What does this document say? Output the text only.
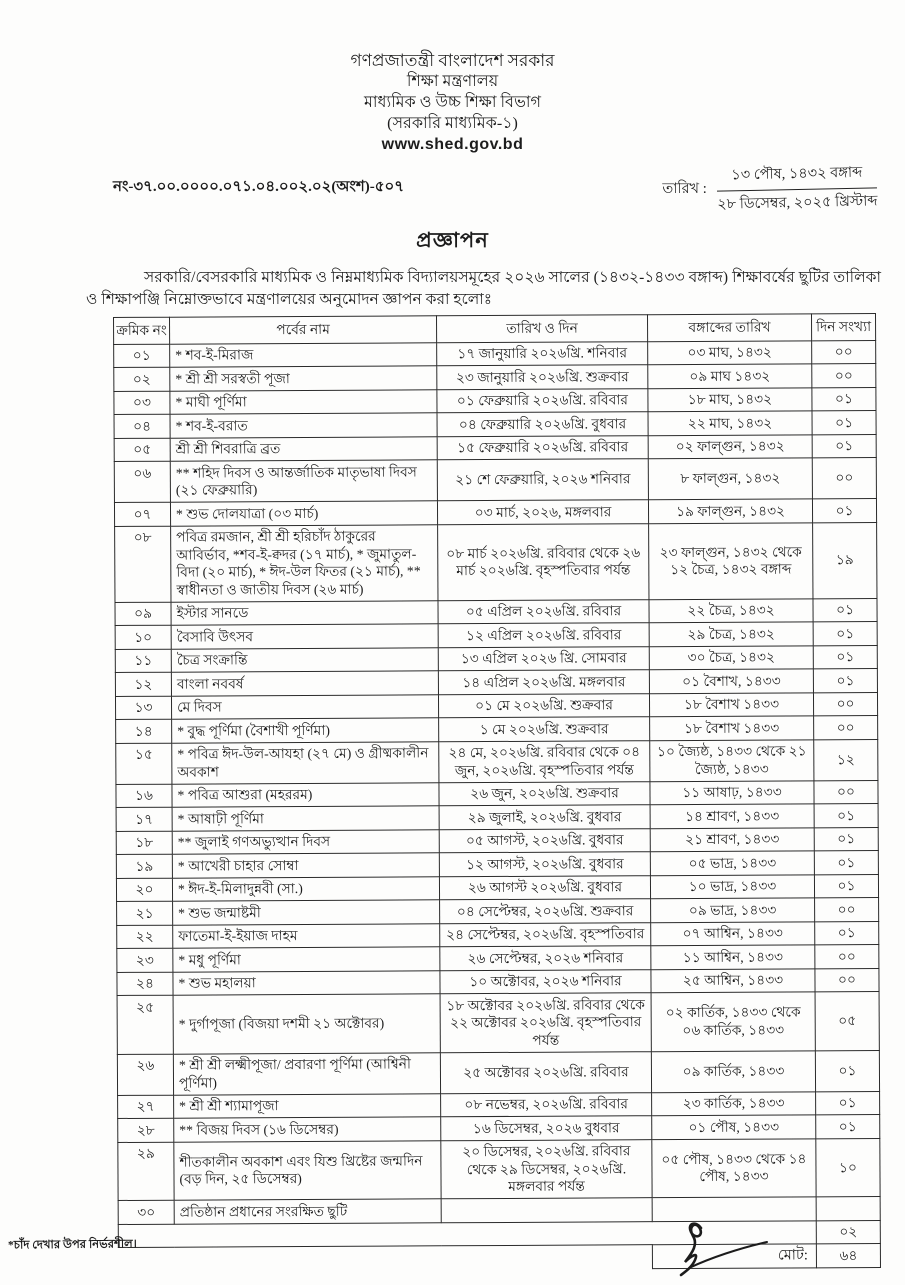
গণপ্রজাতন্ত্রী বাংলাদেশ সরকার
শিক্ষা মন্ত্রণালয়
মাধ্যমিক ও উচ্চ শিক্ষা বিভাগ
(সরকারি মাধ্যমিক-১)
www.shed.gov.bd
নং-৩৭.০০.০০০০.০৭১.০৪.০০২.০২(অংশ)-৫০৭	তারিখ :
১৩ পৌষ, ১৪৩২ বঙ্গাব্দ
২৮ ডিসেম্বর, ২০২৫ খ্রিস্টাব্দ
প্রজ্ঞাপন

সরকারি/বেসরকারি মাধ্যমিক ও নিম্নমাধ্যমিক বিদ্যালয়সমূহের ২০২৬ সালের (১৪৩২-১৪৩৩ বঙ্গাব্দ) শিক্ষাবর্ষের ছুটির তালিকা ও শিক্ষাপঞ্জি নিম্নোক্তভাবে মন্ত্রণালয়ের অনুমোদন জ্ঞাপন করা হলোঃ

ক্রমিক নং	পর্বের নাম	তারিখ ও দিন	বঙ্গাব্দের তারিখ	দিন সংখ্যা
০১	* শব-ই-মিরাজ	১৭ জানুয়ারি ২০২৬খ্রি. শনিবার	০৩ মাঘ, ১৪৩২	০০
০২	* শ্রী শ্রী সরস্বতী পূজা	২৩ জানুয়ারি ২০২৬খ্রি. শুক্রবার	০৯ মাঘ ১৪৩২	০০
০৩	* মাঘী পূর্ণিমা	০১ ফেব্রুয়ারি ২০২৬খ্রি. রবিবার	১৮ মাঘ, ১৪৩২	০১
০৪	* শব-ই-বরাত	০৪ ফেব্রুয়ারি ২০২৬খ্রি. বুধবার	২২ মাঘ, ১৪৩২	০১
০৫	শ্রী শ্রী শিবরাত্রি ব্রত	১৫ ফেব্রুয়ারি ২০২৬খ্রি. রবিবার	০২ ফাল্গুন, ১৪৩২	০১
০৬	** শহিদ দিবস ও আন্তর্জাতিক মাতৃভাষা দিবস (২১ ফেব্রুয়ারি)	২১ শে ফেব্রুয়ারি, ২০২৬ শনিবার	৮ ফাল্গুন, ১৪৩২	০০
০৭	* শুভ দোলযাত্রা (০৩ মার্চ)	০৩ মার্চ, ২০২৬, মঙ্গলবার	১৯ ফাল্গুন, ১৪৩২	০১
০৮	পবিত্র রমজান, শ্রী শ্রী হরিচাঁদ ঠাকুরের আবির্ভাব, *শব-ই-ক্বদর (১৭ মার্চ), * জুমাতুল-বিদা (২০ মার্চ), * ঈদ-উল ফিতর (২১ মার্চ), ** স্বাধীনতা ও জাতীয় দিবস (২৬ মার্চ)	০৮ মার্চ ২০২৬খ্রি. রবিবার থেকে ২৬ মার্চ ২০২৬খ্রি. বৃহস্পতিবার পর্যন্ত	২৩ ফাল্গুন, ১৪৩২ থেকে ১২ চৈত্র, ১৪৩২ বঙ্গাব্দ	১৯
০৯	ইস্টার সানডে	০৫ এপ্রিল ২০২৬খ্রি. রবিবার	২২ চৈত্র, ১৪৩২	০১
১০	বৈসাবি উৎসব	১২ এপ্রিল ২০২৬খ্রি. রবিবার	২৯ চৈত্র, ১৪৩২	০১
১১	চৈত্র সংক্রান্তি	১৩ এপ্রিল ২০২৬ খ্রি. সোমবার	৩০ চৈত্র, ১৪৩২	০১
১২	বাংলা নববর্ষ	১৪ এপ্রিল ২০২৬খ্রি. মঙ্গলবার	০১ বৈশাখ, ১৪৩৩	০১
১৩	মে দিবস	০১ মে ২০২৬খ্রি. শুক্রবার	১৮ বৈশাখ ১৪৩৩	০০
১৪	* বুদ্ধ পূর্ণিমা (বৈশাখী পূর্ণিমা)	১ মে ২০২৬খ্রি. শুক্রবার	১৮ বৈশাখ ১৪৩৩	০০
১৫	* পবিত্র ঈদ-উল-আযহা (২৭ মে) ও গ্রীষ্মকালীন অবকাশ	২৪ মে, ২০২৬খ্রি. রবিবার থেকে ০৪ জুন, ২০২৬খ্রি. বৃহস্পতিবার পর্যন্ত	১০ জ্যৈষ্ঠ, ১৪৩৩ থেকে ২১ জ্যৈষ্ঠ, ১৪৩৩	১২
১৬	* পবিত্র আশুরা (মহররম)	২৬ জুন, ২০২৬খ্রি. শুক্রবার	১১ আষাঢ়, ১৪৩৩	০০
১৭	* আষাঢ়ী পূর্ণিমা	২৯ জুলাই, ২০২৬খ্রি. বুধবার	১৪ শ্রাবণ, ১৪৩৩	০১
১৮	** জুলাই গণঅভ্যুত্থান দিবস	০৫ আগস্ট, ২০২৬খ্রি. বুধবার	২১ শ্রাবণ, ১৪৩৩	০১
১৯	* আখেরী চাহার সোম্বা	১২ আগস্ট, ২০২৬খ্রি. বুধবার	০৫ ভাদ্র, ১৪৩৩	০১
২০	* ঈদ-ই-মিলাদুন্নবী (সা.)	২৬ আগস্ট ২০২৬খ্রি. বুধবার	১০ ভাদ্র, ১৪৩৩	০১
২১	* শুভ জন্মাষ্টমী	০৪ সেপ্টেম্বর, ২০২৬খ্রি. শুক্রবার	০৯ ভাদ্র, ১৪৩৩	০০
২২	ফাতেমা-ই-ইয়াজ দাহম	২৪ সেপ্টেম্বর, ২০২৬খ্রি. বৃহস্পতিবার	০৭ আশ্বিন, ১৪৩৩	০১
২৩	* মধু পূর্ণিমা	২৬ সেপ্টেম্বর, ২০২৬ শনিবার	১১ আশ্বিন, ১৪৩৩	০০
২৪	* শুভ মহালয়া	১০ অক্টোবর, ২০২৬ শনিবার	২৫ আশ্বিন, ১৪৩৩	০০
২৫	* দুর্গাপূজা (বিজয়া দশমী ২১ অক্টোবর)	১৮ অক্টোবর ২০২৬খ্রি. রবিবার থেকে ২২ অক্টোবর ২০২৬খ্রি. বৃহস্পতিবার পর্যন্ত	০২ কার্তিক, ১৪৩৩ থেকে ০৬ কার্তিক, ১৪৩৩	০৫
২৬	* শ্রী শ্রী লক্ষ্মীপূজা/ প্রবারণা পূর্ণিমা (আশ্বিনী পূর্ণিমা)	২৫ অক্টোবর ২০২৬খ্রি. রবিবার	০৯ কার্তিক, ১৪৩৩	০১
২৭	* শ্রী শ্রী শ্যামাপূজা	০৮ নভেম্বর, ২০২৬খ্রি. রবিবার	২৩ কার্তিক, ১৪৩৩	০১
২৮	** বিজয় দিবস (১৬ ডিসেম্বর)	১৬ ডিসেম্বর, ২০২৬ বুধবার	০১ পৌষ, ১৪৩৩	০১
২৯	শীতকালীন অবকাশ এবং যিশু খ্রিষ্টের জন্মদিন (বড় দিন, ২৫ ডিসেম্বর)	২০ ডিসেম্বর, ২০২৬খ্রি. রবিবার থেকে ২৯ ডিসেম্বর, ২০২৬খ্রি. মঙ্গলবার পর্যন্ত	০৫ পৌষ, ১৪৩৩ থেকে ১৪ পৌষ, ১৪৩৩	১০
৩০	প্রতিষ্ঠান প্রধানের সংরক্ষিত ছুটি			
				০২
			মোট:	৬৪
*চাঁদ দেখার উপর নির্ভরশীল।
